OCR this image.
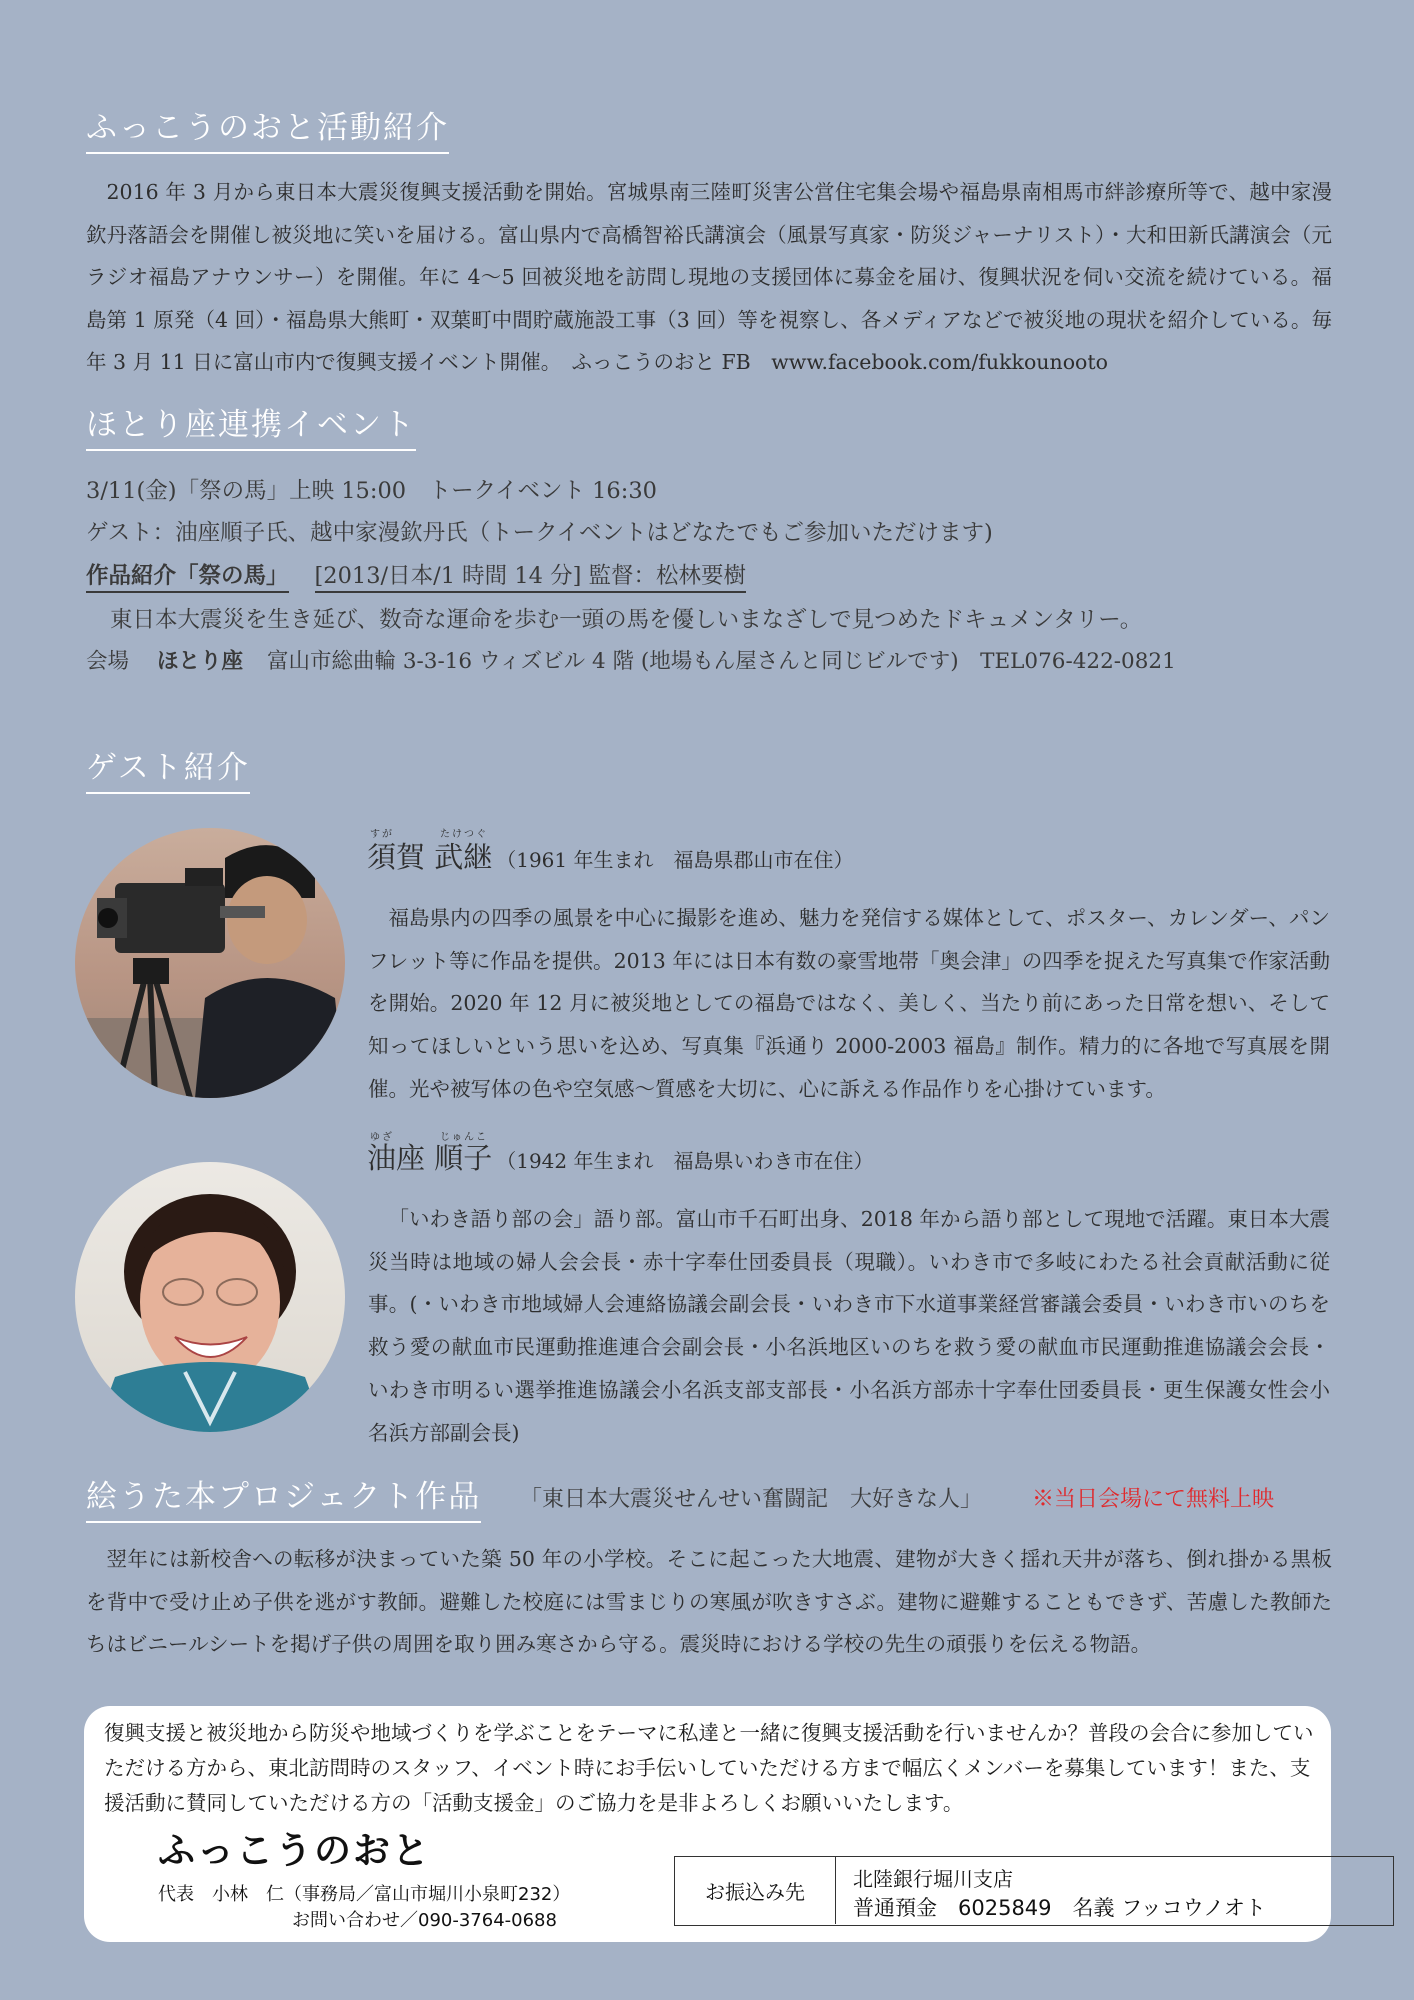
ふっこうのおと活動紹介
2016 年 3 月から東日本大震災復興支援活動を開始。宮城県南三陸町災害公営住宅集会場や福島県南相馬市絆診療所等で、越中家漫欽丹落語会を開催し被災地に笑いを届ける。富山県内で高橋智裕氏講演会（風景写真家・防災ジャーナリスト）・大和田新氏講演会（元ラジオ福島アナウンサー）を開催。年に 4〜5 回被災地を訪問し現地の支援団体に募金を届け、復興状況を伺い交流を続けている。福島第 1 原発（4 回）・福島県大熊町・双葉町中間貯蔵施設工事（3 回）等を視察し、各メディアなどで被災地の現状を紹介している。毎年 3 月 11 日に富山市内で復興支援イベント開催。　ふっこうのおと FB　www.facebook.com/fukkounooto
ほとり座連携イベント
3/11(金)「祭の馬」上映 15:00　トークイベント 16:30
ゲスト：油座順子氏、越中家漫欽丹氏（トークイベントはどなたでもご参加いただけます)
作品紹介「祭の馬」 [2013/日本/1 時間 14 分] 監督：松林要樹
東日本大震災を生き延び、数奇な運命を歩む一頭の馬を優しいまなざしで見つめたドキュメンタリー。
会場 ほとり座 富山市総曲輪 3-3-16 ウィズビル 4 階 (地場もん屋さんと同じビルです)　TEL076-422-0821
ゲスト紹介
すが	たけつぐ
須賀 武継 （1961 年生まれ　福島県郡山市在住）
福島県内の四季の風景を中心に撮影を進め、魅力を発信する媒体として、ポスター、カレンダー、パンフレット等に作品を提供。2013 年には日本有数の豪雪地帯「奥会津」の四季を捉えた写真集で作家活動を開始。2020 年 12 月に被災地としての福島ではなく、美しく、当たり前にあった日常を想い、そして知ってほしいという思いを込め、写真集『浜通り 2000-2003 福島』制作。精力的に各地で写真展を開催。光や被写体の色や空気感〜質感を大切に、心に訴える作品作りを心掛けています。
ゆざ	じゅんこ
油座 順子 （1942 年生まれ　福島県いわき市在住）
「いわき語り部の会」語り部。富山市千石町出身、2018 年から語り部として現地で活躍。東日本大震災当時は地域の婦人会会長・赤十字奉仕団委員長（現職）。いわき市で多岐にわたる社会貢献活動に従事。(・いわき市地域婦人会連絡協議会副会長・いわき市下水道事業経営審議会委員・いわき市いのちを救う愛の献血市民運動推進連合会副会長・小名浜地区いのちを救う愛の献血市民運動推進協議会会長・いわき市明るい選挙推進協議会小名浜支部支部長・小名浜方部赤十字奉仕団委員長・更生保護女性会小名浜方部副会長)
絵うた本プロジェクト作品 「東日本大震災せんせい奮闘記　大好きな人」 ※当日会場にて無料上映
翌年には新校舎への転移が決まっていた築 50 年の小学校。そこに起こった大地震、建物が大きく揺れ天井が落ち、倒れ掛かる黒板を背中で受け止め子供を逃がす教師。避難した校庭には雪まじりの寒風が吹きすさぶ。建物に避難することもできず、苦慮した教師たちはビニールシートを掲げ子供の周囲を取り囲み寒さから守る。震災時における学校の先生の頑張りを伝える物語。
復興支援と被災地から防災や地域づくりを学ぶことをテーマに私達と一緒に復興支援活動を行いませんか？普段の会合に参加していただける方から、東北訪問時のスタッフ、イベント時にお手伝いしていただける方まで幅広くメンバーを募集しています！また、支援活動に賛同していただける方の「活動支援金」のご協力を是非よろしくお願いいたします。
ふっこうのおと
代表　小林　仁（事務局／富山市堀川小泉町232）
お問い合わせ／090-3764-0688
お振込み先
北陸銀行堀川支店
普通預金　6025849　名義 フッコウノオト
